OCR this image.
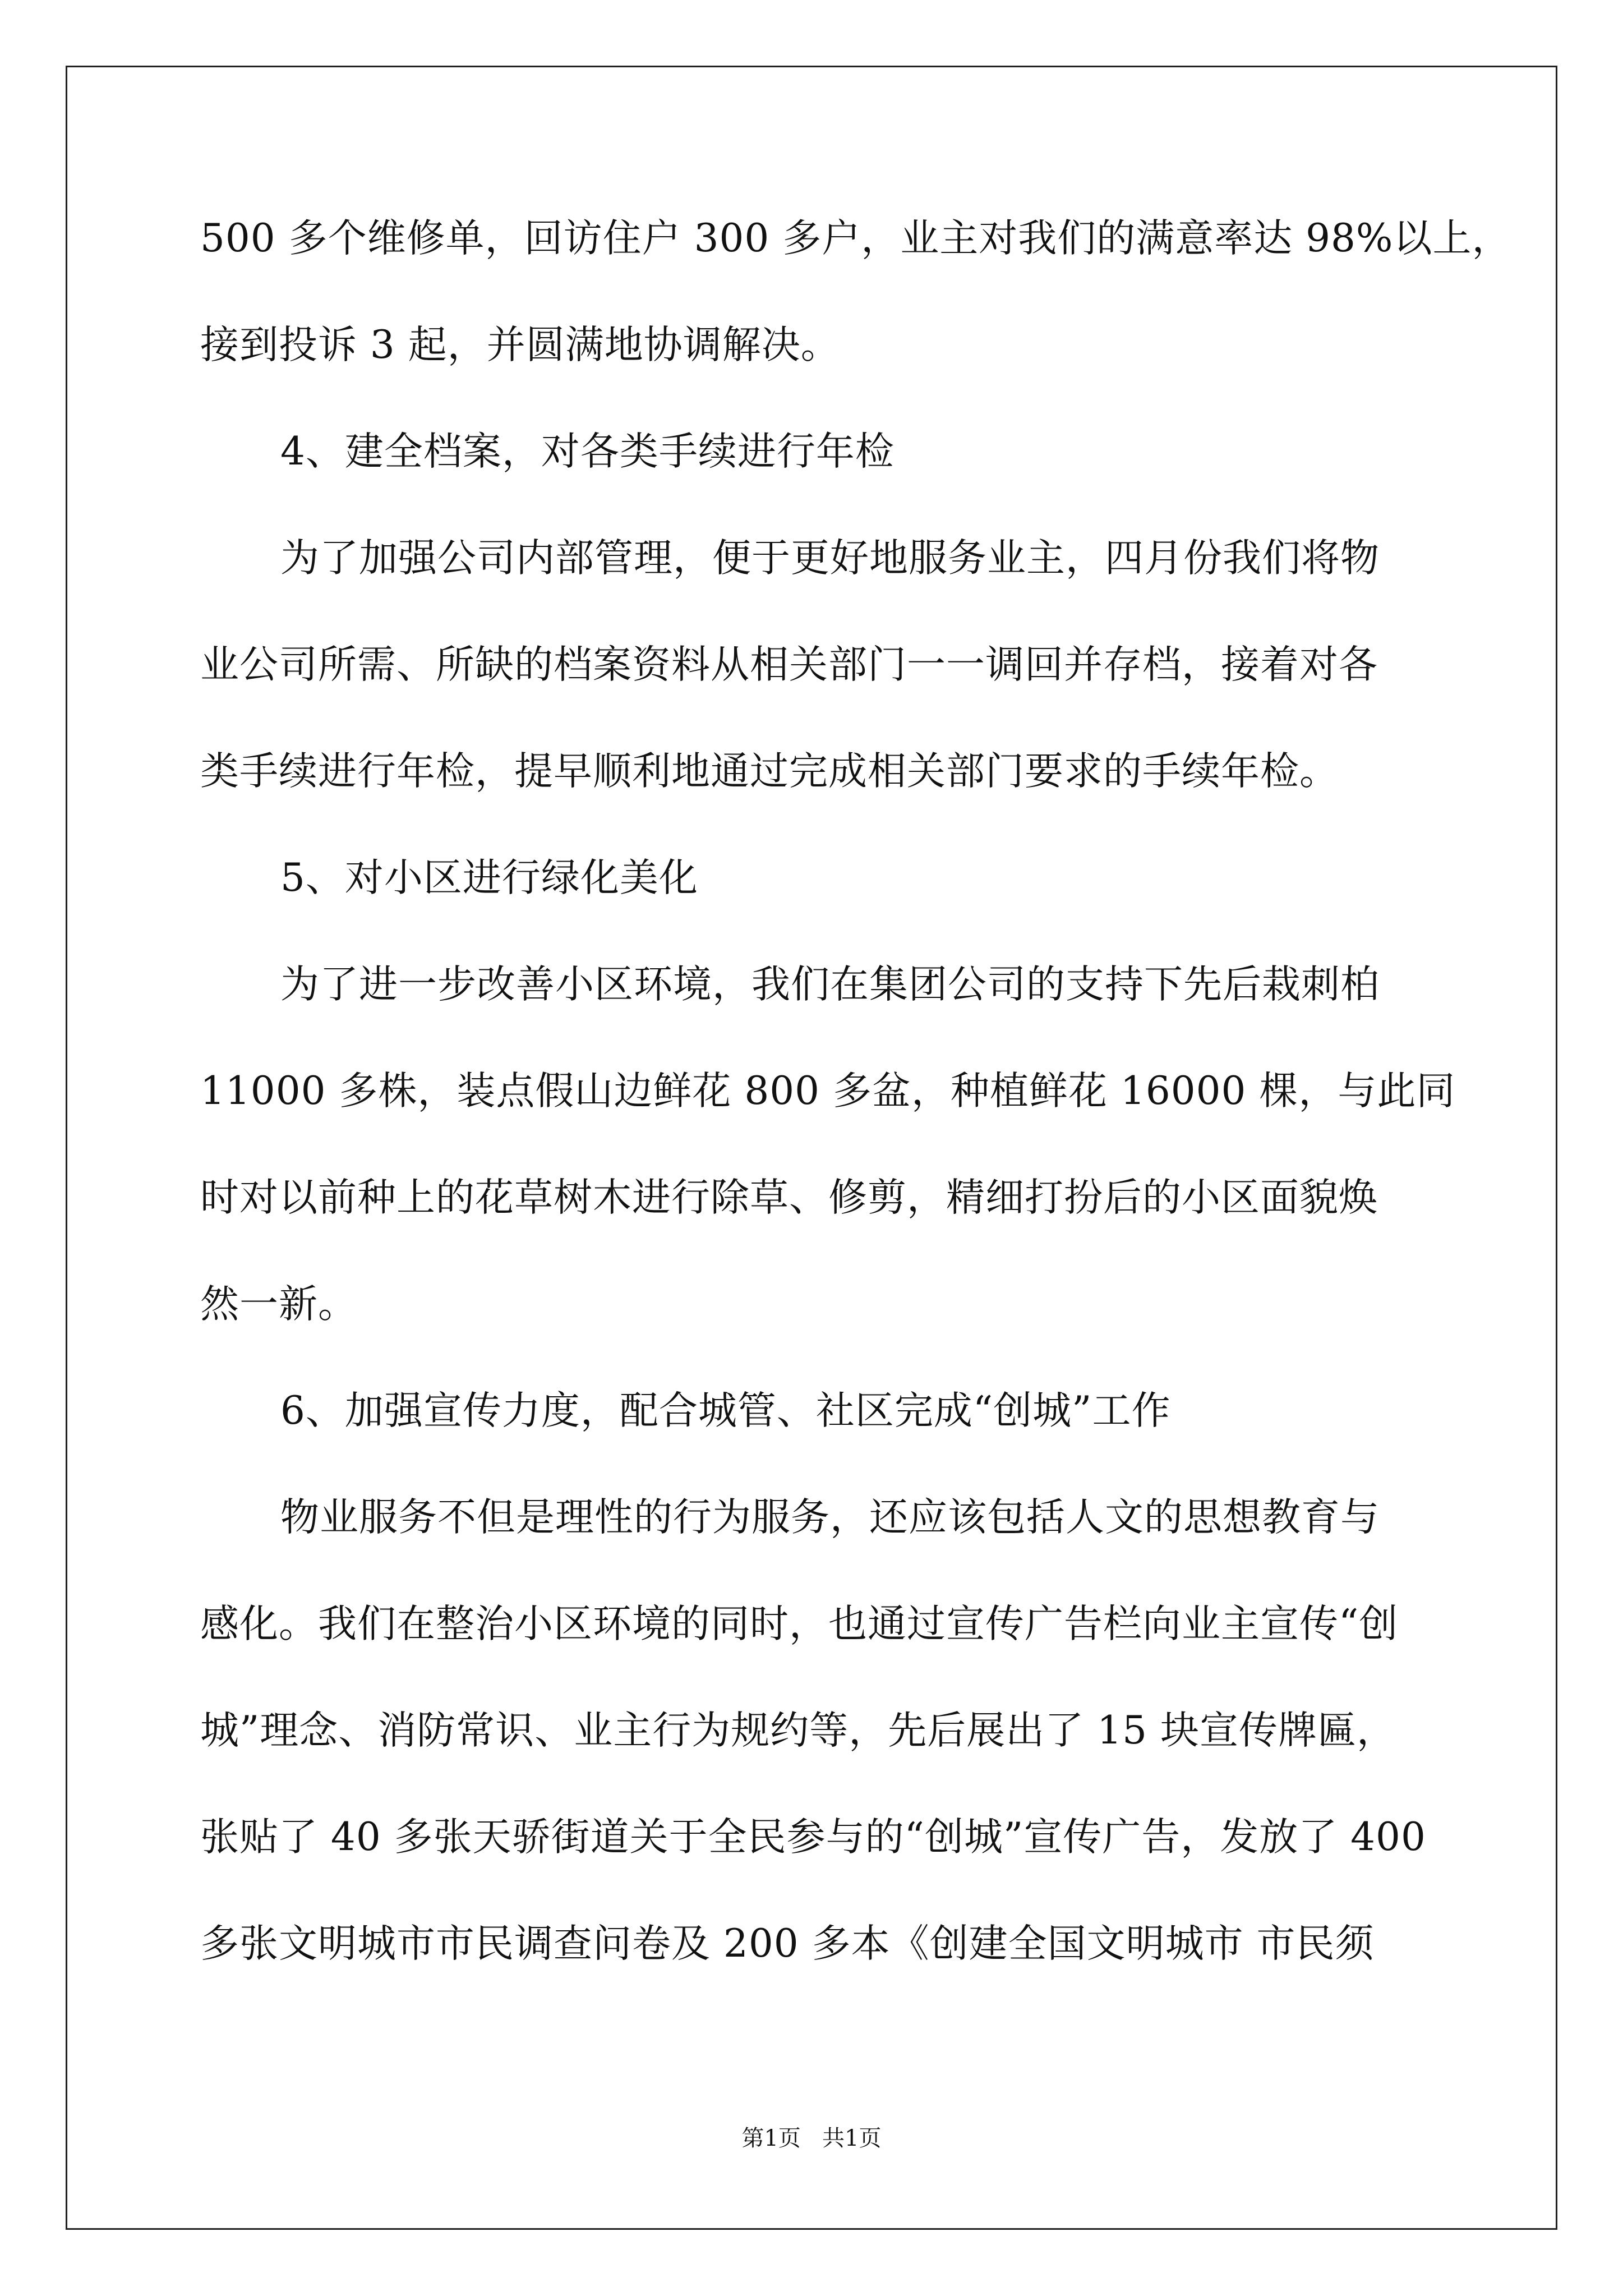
500 多个维修单，回访住户 300 多户，业主对我们的满意率达 98%以上，
接到投诉 3 起，并圆满地协调解决。
4、建全档案，对各类手续进行年检
为了加强公司内部管理，便于更好地服务业主，四月份我们将物
业公司所需、所缺的档案资料从相关部门一一调回并存档，接着对各
类手续进行年检，提早顺利地通过完成相关部门要求的手续年检。
5、对小区进行绿化美化
为了进一步改善小区环境，我们在集团公司的支持下先后栽刺柏
11000 多株，装点假山边鲜花 800 多盆，种植鲜花 16000 棵，与此同
时对以前种上的花草树木进行除草、修剪，精细打扮后的小区面貌焕
然一新。
6、加强宣传力度，配合城管、社区完成“创城”工作
物业服务不但是理性的行为服务，还应该包括人文的思想教育与
感化。我们在整治小区环境的同时，也通过宣传广告栏向业主宣传“创
城”理念、消防常识、业主行为规约等，先后展出了 15 块宣传牌匾，
张贴了 40 多张天骄街道关于全民参与的“创城”宣传广告，发放了 400
多张文明城市市民调查问卷及 200 多本《创建全国文明城市 市民须
第1页   共1页
